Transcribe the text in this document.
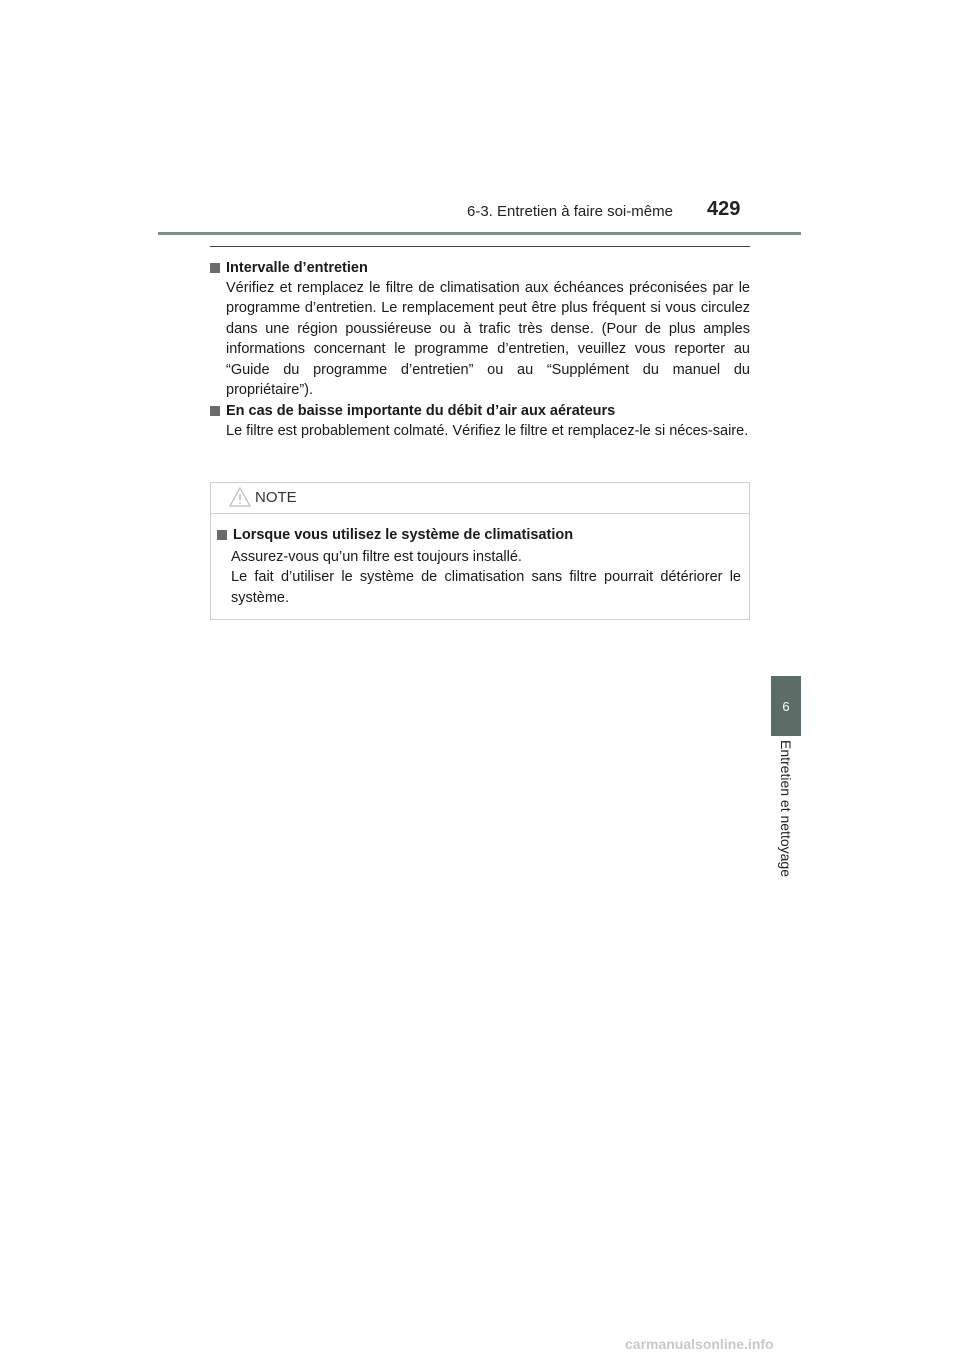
6-3. Entretien à faire soi-même 429
6
Entretien et nettoyage

Intervalle d’entretien

Vérifiez et remplacez le filtre de climatisation aux échéances préconisées par le programme d’entretien. Le remplacement peut être plus fréquent si vous circulez dans une région poussiéreuse ou à trafic très dense. (Pour de plus amples informations concernant le programme d’entretien, veuillez vous reporter au “Guide du programme d’entretien” ou au “Supplément du manuel du propriétaire”).

En cas de baisse importante du débit d’air aux aérateurs

Le filtre est probablement colmaté. Vérifiez le filtre et remplacez-le si néces-saire.

NOTE

Lorsque vous utilisez le système de climatisation

Assurez-vous qu’un filtre est toujours installé.

Le fait d’utiliser le système de climatisation sans filtre pourrait détériorer le système.

carmanualsonline.info
